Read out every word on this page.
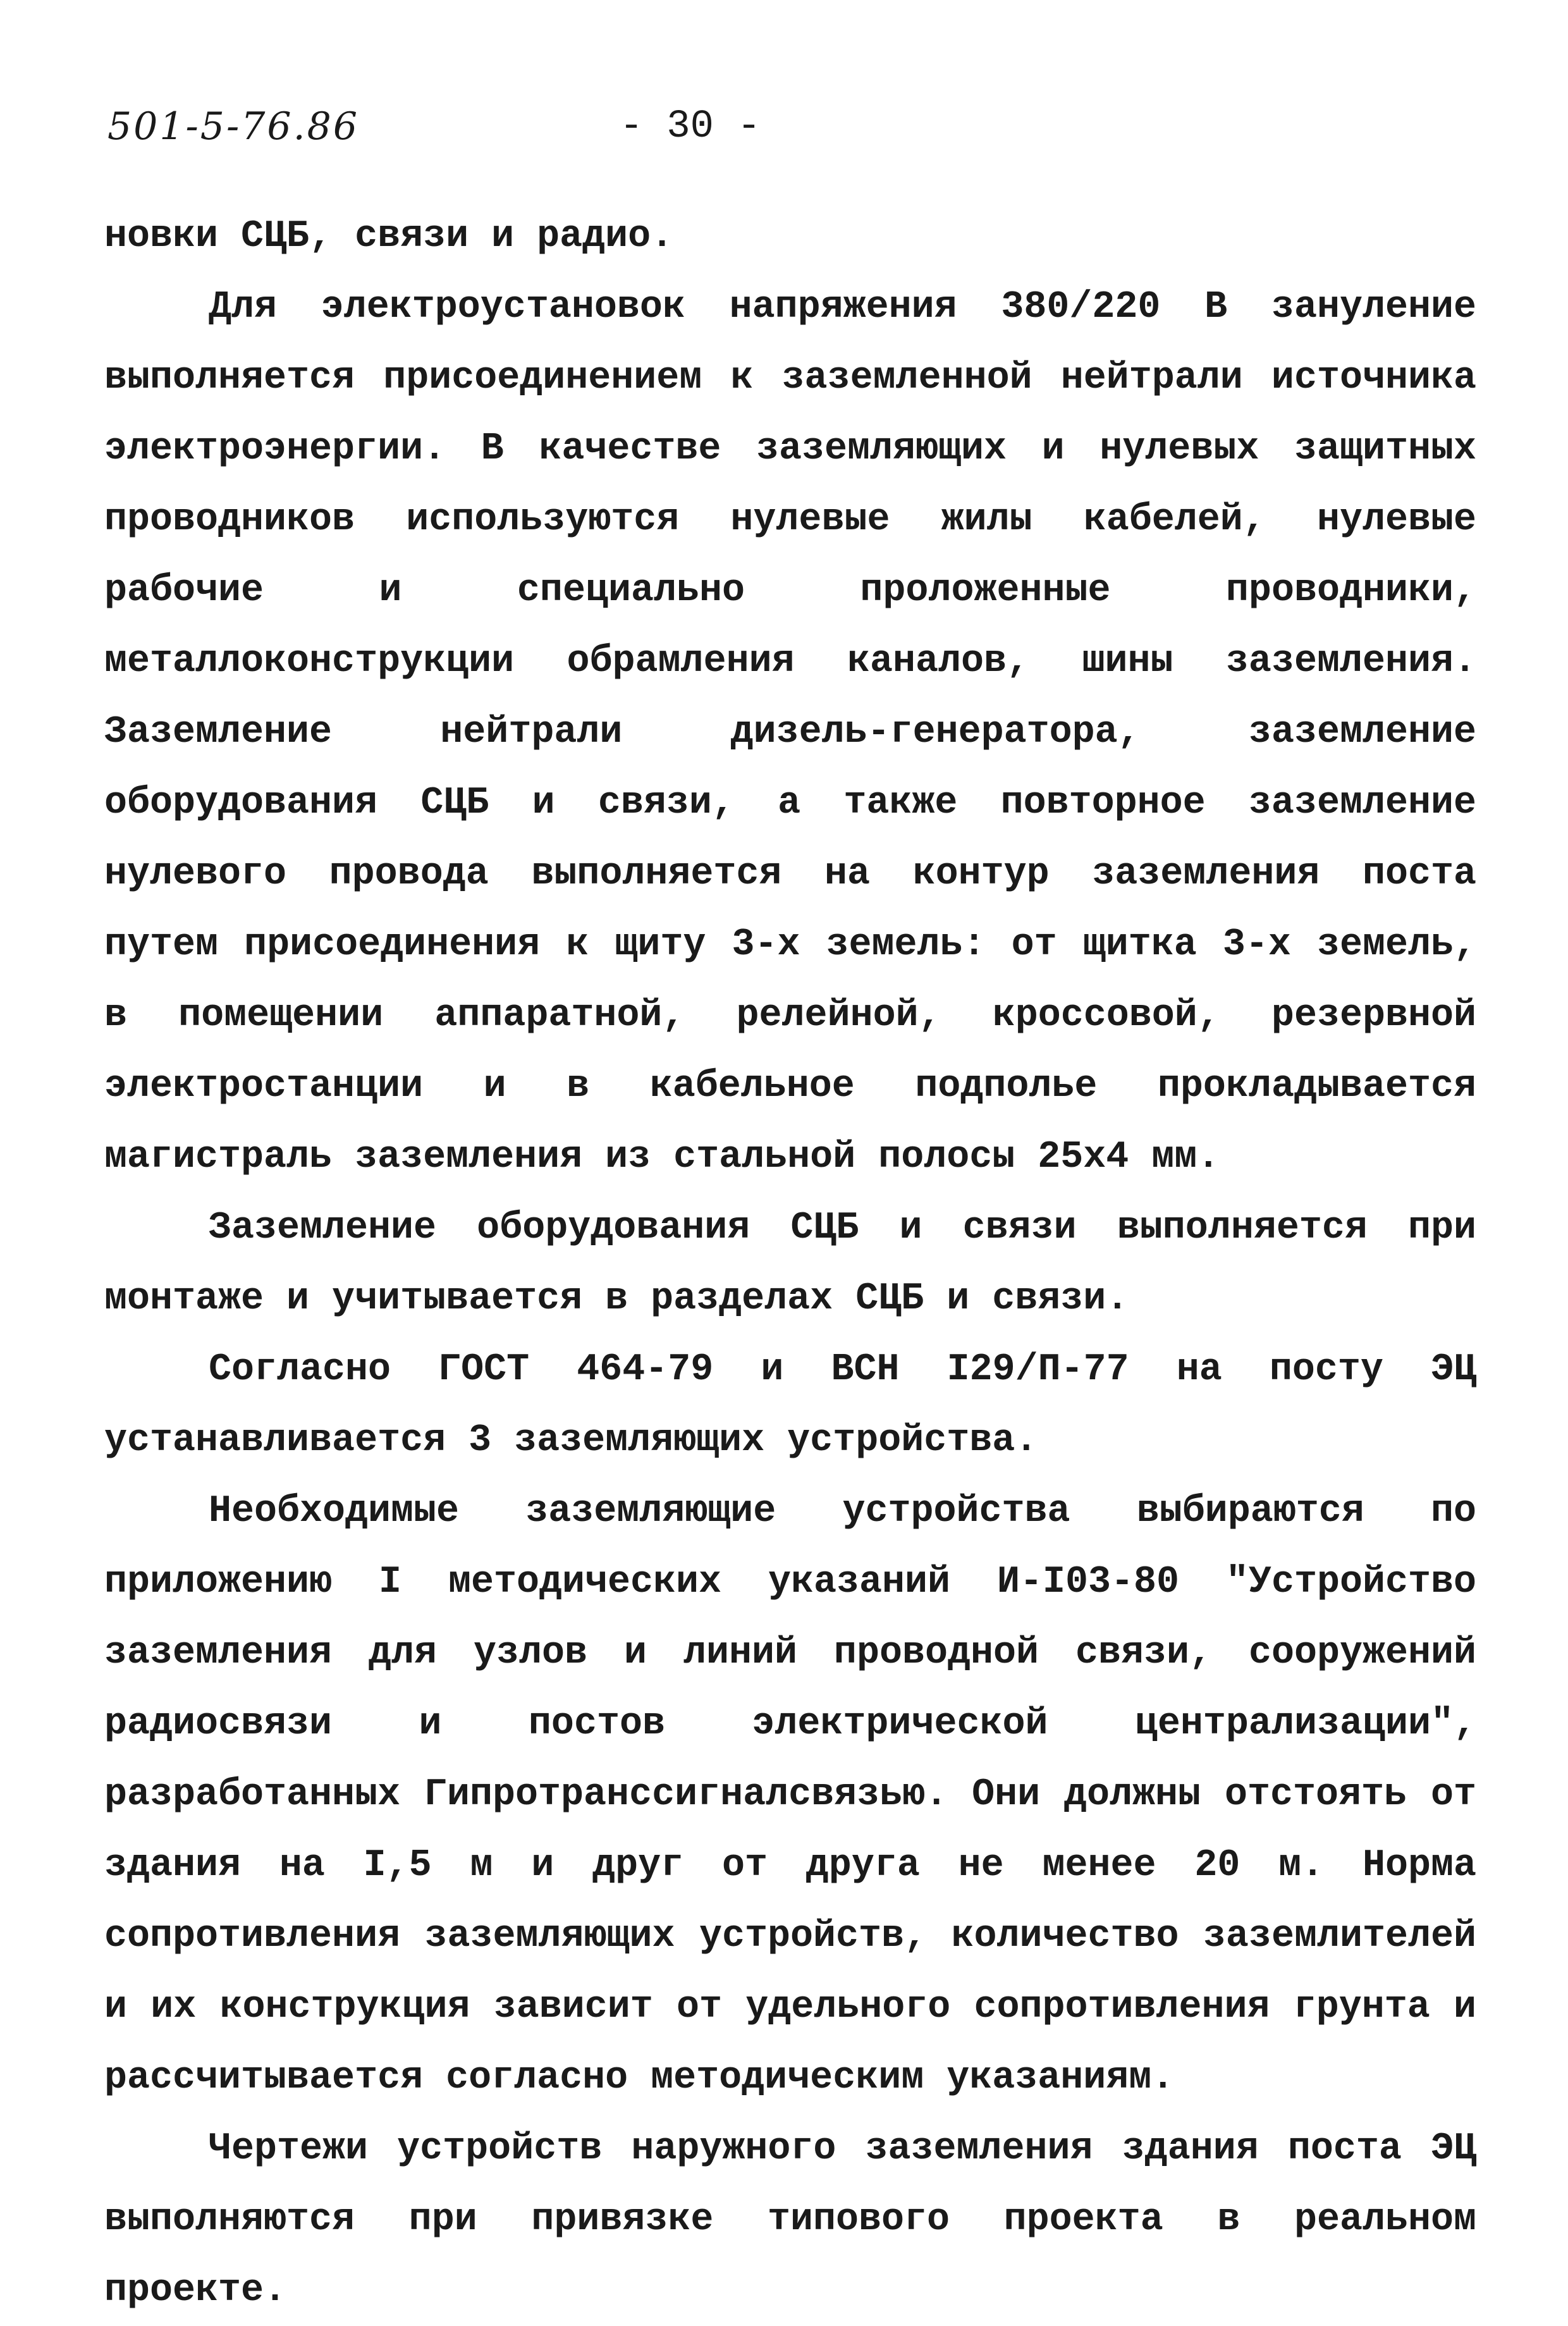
501-5-76.86	- 30 -

новки СЦБ, связи и радио.

Для электроустановок напряжения 380/220 В зануление выполняется присоединением к заземленной нейтрали источника электроэнергии. В качестве заземляющих и нулевых защитных проводников используются нулевые жилы кабелей, нулевые рабочие и специально проложенные проводники, металлоконструкции обрамления каналов, шины заземления. Заземление нейтрали дизель-генератора, заземление оборудования СЦБ и связи, а также повторное заземление нулевого провода выполняется на контур заземления поста путем присоединения к щиту 3-х земель: от щитка 3-х земель, в помещении аппаратной, релейной, кроссовой, резервной электростанции и в кабельное подполье прокладывается магистраль заземления из стальной полосы 25х4 мм.

Заземление оборудования СЦБ и связи выполняется при монтаже и учитывается в разделах СЦБ и связи.

Согласно ГОСТ 464-79 и ВСН I29/П-77 на посту ЭЦ устанавливается 3 заземляющих устройства.

Необходимые заземляющие устройства выбираются по приложению I методических указаний И-I03-80 "Устройство заземления для узлов и линий проводной связи, сооружений радиосвязи и постов электрической централизации", разработанных Гипротранссигналсвязью. Они должны отстоять от здания на I,5 м и друг от друга не менее 20 м. Норма сопротивления заземляющих устройств, количество заземлителей и их конструкция зависит от удельного сопротивления грунта и рассчитывается согласно методическим указаниям.

Чертежи устройств наружного заземления здания поста ЭЦ выполняются при привязке типового проекта в реальном проекте.
